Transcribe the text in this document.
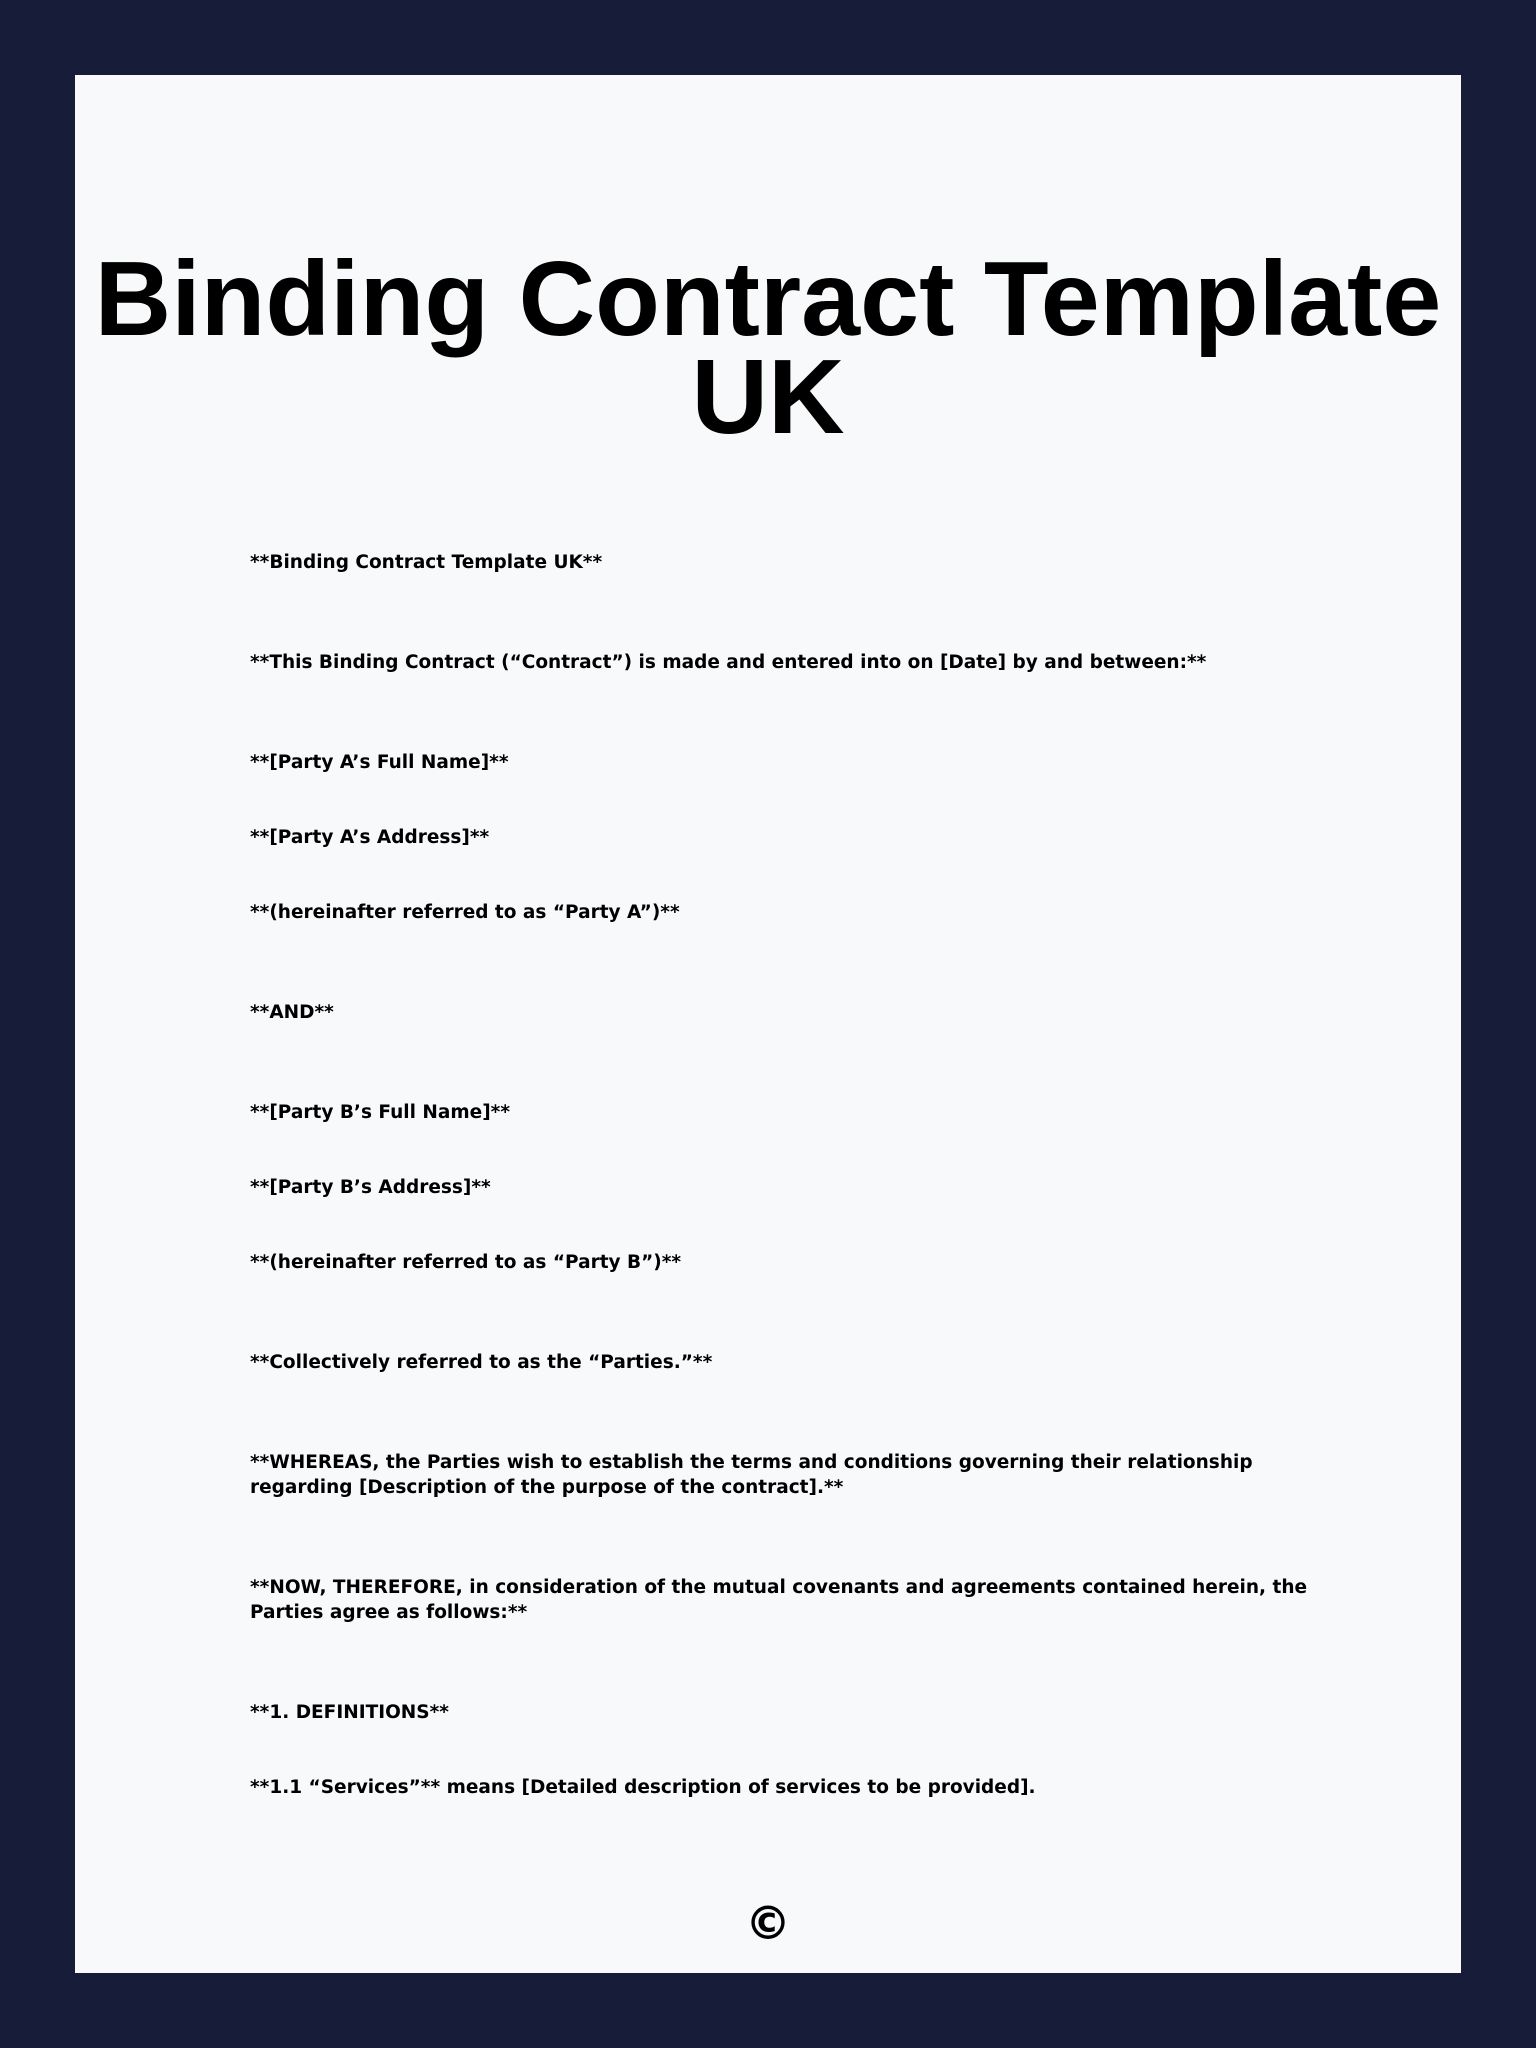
Binding Contract Template UK

**Binding Contract Template UK**

**This Binding Contract (“Contract”) is made and entered into on [Date] by and between:**

**[Party A’s Full Name]**

**[Party A’s Address]**

**(hereinafter referred to as “Party A”)**

**AND**

**[Party B’s Full Name]**

**[Party B’s Address]**

**(hereinafter referred to as “Party B”)**

**Collectively referred to as the “Parties.”**

**WHEREAS, the Parties wish to establish the terms and conditions governing their relationship regarding [Description of the purpose of the contract].**

**NOW, THEREFORE, in consideration of the mutual covenants and agreements contained herein, the Parties agree as follows:**

**1. DEFINITIONS**

**1.1 “Services”** means [Detailed description of services to be provided].

©
